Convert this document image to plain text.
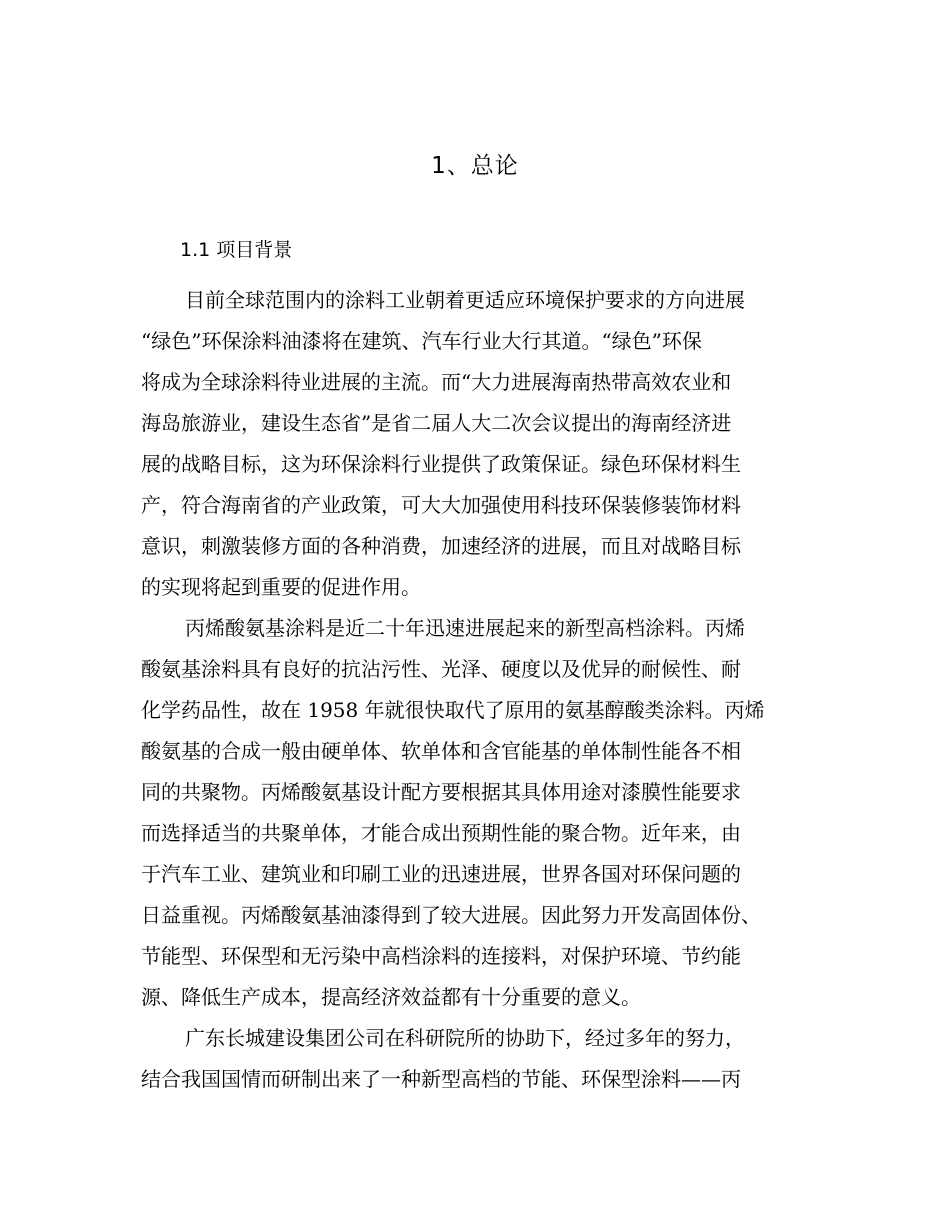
1、总论
1.1 项目背景
目前全球范围内的涂料工业朝着更适应环境保护要求的方向进展
“绿色”环保涂料油漆将在建筑、汽车行业大行其道。“绿色”环保
将成为全球涂料待业进展的主流。而“大力进展海南热带高效农业和
海岛旅游业，建设生态省”是省二届人大二次会议提出的海南经济进
展的战略目标，这为环保涂料行业提供了政策保证。绿色环保材料生
产，符合海南省的产业政策，可大大加强使用科技环保装修装饰材料
意识，刺激装修方面的各种消费，加速经济的进展，而且对战略目标
的实现将起到重要的促进作用。
丙烯酸氨基涂料是近二十年迅速进展起来的新型高档涂料。丙烯
酸氨基涂料具有良好的抗沾污性、光泽、硬度以及优异的耐候性、耐
化学药品性，故在 1958 年就很快取代了原用的氨基醇酸类涂料。丙烯
酸氨基的合成一般由硬单体、软单体和含官能基的单体制性能各不相
同的共聚物。丙烯酸氨基设计配方要根据其具体用途对漆膜性能要求
而选择适当的共聚单体，才能合成出预期性能的聚合物。近年来，由
于汽车工业、建筑业和印刷工业的迅速进展，世界各国对环保问题的
日益重视。丙烯酸氨基油漆得到了较大进展。因此努力开发高固体份、
节能型、环保型和无污染中高档涂料的连接料，对保护环境、节约能
源、降低生产成本，提高经济效益都有十分重要的意义。
广东长城建设集团公司在科研院所的协助下，经过多年的努力，
结合我国国情而研制出来了一种新型高档的节能、环保型涂料——丙
